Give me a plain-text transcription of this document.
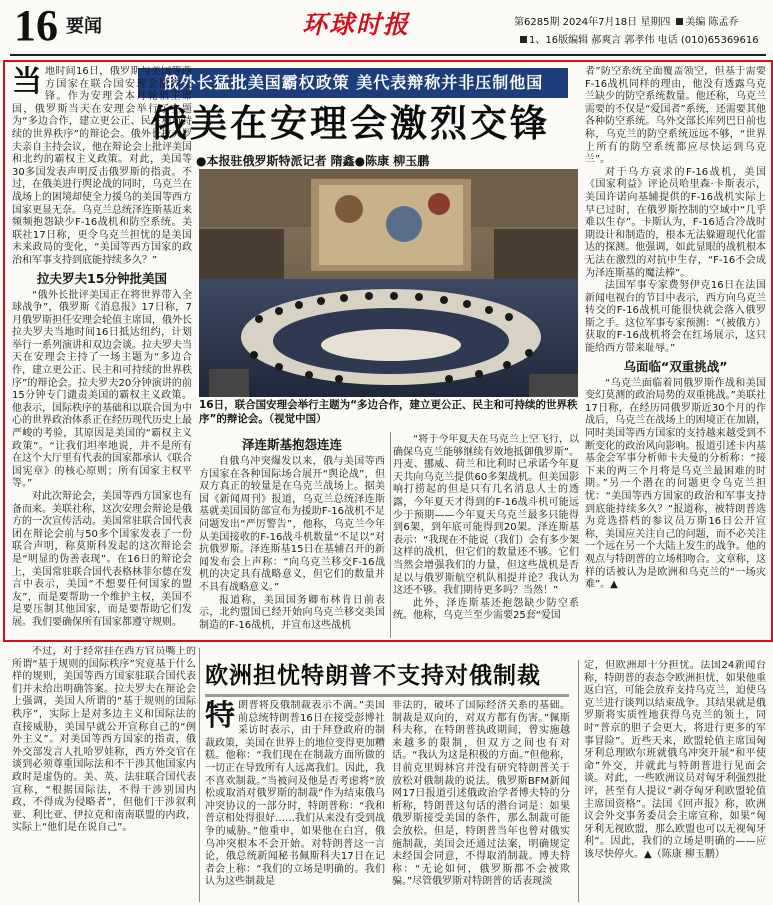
16 要闻	环球时报	第6285期 2024年7月18日 星期四 美编 陈孟乔
1、16版编辑 郝爽言 郭孝伟 电话 (010)65369616
俄外长猛批美国霸权政策 美代表辩称并非压制他国
俄美在安理会激烈交锋
●本报驻俄罗斯特派记者 隋鑫●陈康 柳玉鹏
当 地时间16日，俄罗斯与美国等西方国家在联合国安理会激烈交锋。作为安理会本月轮值主席国，俄罗斯当天在安理会举行了主题为“多边合作，建立更公正、民主和可持续的世界秩序”的辩论会。俄外长拉夫罗夫亲自主持会议，他在辩论会上批评美国和北约的霸权主义政策。对此，美国等30多国发表声明反击俄罗斯的指责。不过，在俄美进行舆论战的同时，乌克兰在战场上的困境却使全力援乌的美国等西方国家更显无奈。乌克兰总统泽连斯基近来频频抱怨缺少F-16战机和防空系统。美联社17日称，更令乌克兰担忧的是美国未来政局的变化，“美国等西方国家的政治和军事支持到底能持续多久？”

拉夫罗夫15分钟批美国

“俄外长批评美国正在将世界带入全球战争”，俄罗斯《消息报》17日称，7月俄罗斯担任安理会轮值主席国，俄外长拉夫罗夫当地时间16日抵达纽约，计划举行一系列演讲和双边会谈。拉夫罗夫当天在安理会主持了一场主题为“多边合作，建立更公正、民主和可持续的世界秩序”的辩论会。拉夫罗夫20分钟演讲的前15分钟专门谴责美国的霸权主义政策。他表示，国际秩序的基础和以联合国为中心的世界政治体系正在经历现代历史上最严峻的考验，其原因是美国的“霸权主义政策”。“让我们坦率地说，并不是所有在这个大厅里有代表的国家都承认《联合国宪章》的核心原则；所有国家主权平等。”

对此次辩论会，美国等西方国家也有备而来。美联社称，这次安理会辩论是俄方的一次宣传活动。美国常驻联合国代表团在辩论会前与50多个国家发表了一份联合声明，称莫斯科发起的这次辩论会是“明显的伪善表现”。在16日的辩论会上，美国常驻联合国代表格林菲尔德在发言中表示，美国“不想要任何国家的盟友”，而是要帮助一个维护主权，美国不是要压制其他国家，而是要帮助它们发展。我们要确保所有国家都遵守规则。

16日，联合国安理会举行主题为“多边合作，建立更公正、民主和可持续的世界秩序”的辩论会。（视觉中国）
泽连斯基抱怨连连

自俄乌冲突爆发以来，俄与美国等西方国家在各种国际场合展开“舆论战”，但双方真正的较量是在乌克兰战场上。据美国《新闻周刊》报道，乌克兰总统泽连斯基就美国国防部宣布为援助F-16战机不足问题发出“严厉警告”，他称，乌克兰今年从美国接收的F-16战斗机数量“不足以”对抗俄罗斯。泽连斯基15日在基辅召开的新闻发布会上声称：“向乌克兰移交F-16战机的决定具有战略意义，但它们的数量并不具有战略意义。”

报道称，美国国务卿布林肯日前表示，北约盟国已经开始向乌克兰移交美国制造的F-16战机，并宣布这些战机

“将于今年夏天在乌克兰上空飞行，以确保乌克兰能够继续有效地抵御俄罗斯”。丹麦、挪威、荷兰和比利时已承诺今年夏天共向乌克兰提供60多架战机。但美国影响打捞起的但是只有几名消息人士的透露，今年夏天才得到的F-16战斗机可能远少于预期——今年夏天乌克兰最多只能得到6架，到年底可能得到20架。泽连斯基表示：“我现在不能说（我们）会有多少架这样的战机，但它们的数量还不够。它们当然会增强我们的力量，但这些战机是否足以与俄罗斯航空机队相提并论？我认为这还不够。我们期待更多吗？当然！”

此外，泽连斯基还抱怨缺少防空系统。他称，乌克兰至少需要25套“爱国

者”防空系统全面覆盖领空，但基于需要F-16战机同样的理由，他没有透露乌克兰缺少的防空系统数量。他还称，乌克兰需要的不仅是“爱国者”系统，还需要其他各种防空系统。乌外交部长库列巴日前也称，乌克兰的防空系统远远不够，“世界上所有的防空系统都应尽快运到乌克兰”。

对于乌方哀求的F-16战机，美国《国家利益》评论员哈里森·卡斯表示，美国许诺向基辅提供的F-16战机实际上早已过时，在俄罗斯控制的空域中“几乎难以生存”。卡斯认为，F-16适合冷战时期设计和制造的，根本无法躲避现代化雷达的探测。他强调，如此显眼的战机根本无法在激烈的对抗中生存，“F-16不会成为泽连斯基的魔法棒”。

法国军事专家费努伊克16日在法国新闻电视台的节目中表示，西方向乌克兰转交的F-16战机可能很快就会落入俄罗斯之手。这位军事专家预测：“（被俄方）获取的F-16战机将会在红场展示，这只能给西方带来耻辱。”

乌面临“双重挑战”

“乌克兰面临着同俄罗斯作战和美国变幻莫测的政治局势的双重挑战。”美联社17日称，在经历同俄罗斯近30个月的作战后，乌克兰在战场上的困境正在加剧，同时美国等西方国家的支持越来越受到不断变化的政治风向影响。报道引述卡内基基金会军事分析师卡夫曼的分析称：“接下来的两三个月将是乌克兰最困难的时期。”另一个潜在的问题更令乌克兰担忧：“美国等西方国家的政治和军事支持到底能持续多久？”报道称，被特朗普选为竞选搭档的参议员万斯16日公开宣称，美国应关注自己的问题，而不必关注一个远在另一个大陆上发生的战争。他的观点与特朗普的立场相吻合。文章称，这样的话被认为是欧洲和乌克兰的“一场灾难”。▲

不过，对于经常挂在西方官员嘴上的所谓“基于规则的国际秩序”究竟基于什么样的规则，美国等西方国家驻联合国代表们并未给出明确答案。拉夫罗夫在辩论会上强调，美国人所谓的“基于规则的国际秩序”，实际上是对多边主义和国际法的直接威胁，美国早就公开宣称自己的“例外主义”。对美国等西方国家的指责，俄外交部发言人扎哈罗娃称，西方外交官在谈到必须尊重国际法和不干涉其他国家内政时是虚伪的。美、英、法驻联合国代表宣称，“根据国际法，不得干涉别国内政，不得成为侵略者”，但他们干涉叙利亚、利比亚、伊拉克和南南联盟的内政，实际上“他们是在说自己”。

欧洲担忧特朗普不支持对俄制裁
特 朗普将反俄制裁表示不满。”美国前总统特朗普16日在接受彭博社采访时表示，由于拜登政府的制裁政策，美国在世界上的地位变得更加糟糕。他称：“我们现在在制裁方面所做的一切正在导致所有人远离我们。因此，我不喜欢制裁。”当被问及他是否考虑将“放松或取消对俄罗斯的制裁”作为结束俄乌冲突协议的一部分时，特朗普称：“我和普京相处得很好……我们从来没有受到战争的威胁。”他重申，如果他在白宫，俄乌冲突根本不会开始。对特朗普这一言论，俄总统新闻秘书佩斯科夫17日在记者会上称：“我们的立场是明确的。我们认为这些制裁是

非法的，破坏了国际经济关系的基础。制裁是双向的，对双方都有伤害。”佩斯科夫称，在特朗普执政期间，曾实施越来越多的限制，但双方之间也有对话。“我认为这是积极的方面。”但他称，目前克里姆林宫并没有研究特朗普关于放松对俄制裁的说法。俄罗斯BFM新闻网17日报道引述俄政治学者博夫特的分析称，特朗普这句话的潜台词是：如果俄罗斯接受美国的条件，那么制裁可能会放松。但是，特朗普当年也曾对俄实施制裁，美国会还通过法案，明确规定未经国会同意，不得取消制裁。博夫特称：“无论如何，俄罗斯都不会被欺骗。”尽管俄罗斯对特朗普的话表现淡

定，但欧洲却十分担忧。法国24新闻台称，特朗普的表态令欧洲担忧，如果他重返白宫，可能会放弃支持乌克兰，迫使乌克兰进行谈判以结束战争。其结果就是俄罗斯将实质性地获得乌克兰的领土，同时“普京的胆子会更大，将进行更多的军事冒险”。近些天来，欧盟轮值主席国匈牙利总理欧尔班就俄乌冲突开展“和平使命”外交，并就此与特朗普进行见面会谈。对此，一些欧洲议员对匈牙利强烈批评，甚至有人提议“剥夺匈牙利欧盟轮值主席国资格”。法国《回声报》称，欧洲议会外交事务委员会主席宣称，如果“匈牙利无视欧盟，那么欧盟也可以无视匈牙利”。因此，我们的立场是明确的——应该尽快停火。▲（陈康 柳玉鹏）
